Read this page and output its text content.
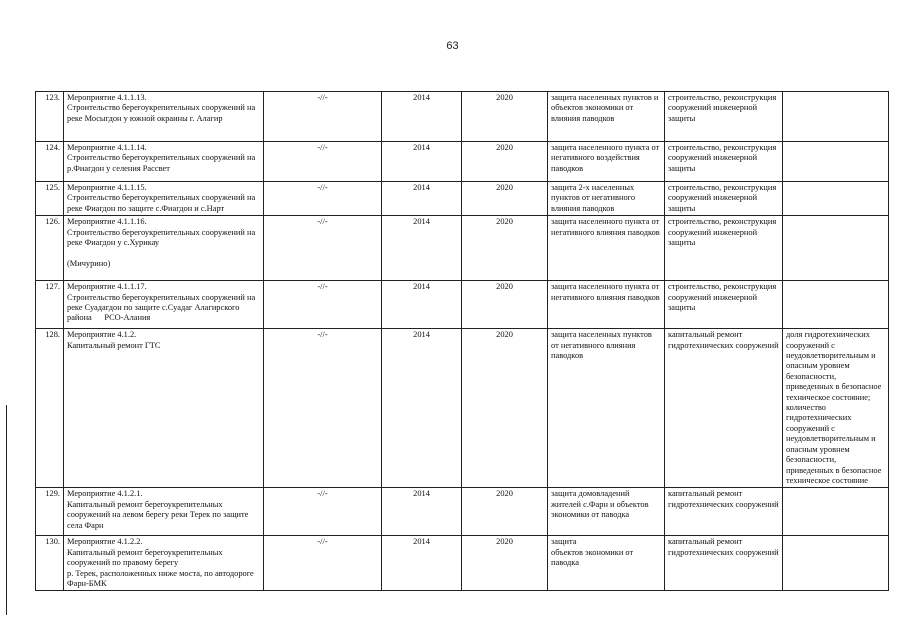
63
123.	Мероприятие 4.1.1.13.
Строительство берегоукрепительных сооружений на реке Мосыгдон у южной окраины г. Алагир	-//-	2014	2020	защита населенных пунктов и объектов экономики от влияния паводков	строительство, реконструкция сооружений инженерной защиты	

124.	Мероприятие 4.1.1.14.
Строительство берегоукрепительных сооружений на р.Фиагдон у селения Рассвет	-//-	2014	2020	защита населенного пункта от негативного воздействия паводков	строительство, реконструкция сооружений инженерной защиты	

125.	Мероприятие 4.1.1.15.
Строительство берегоукрепительных сооружений на реке Фиагдон по защите с.Фиагдон и с.Нарт	-//-	2014	2020	защита 2-х населенных пунктов от негативного влияния паводков	строительство, реконструкция сооружений инженерной защиты	

126.	Мероприятие 4.1.1.16.
Строительство берегоукрепительных сооружений на реке Фиагдон у с.Хурикау

(Мичурино)	-//-	2014	2020	защита населенного пункта от негативного влияния паводков	строительство, реконструкция сооружений инженерной защиты	

127.	Мероприятие 4.1.1.17.
Строительство берегоукрепительных сооружений на реке Суадагдон по защите с.Суадаг Алагирского района      РСО-Алания	-//-	2014	2020	защита населенного пункта от негативного влияния паводков	строительство, реконструкция сооружений инженерной защиты	

128.	Мероприятие 4.1.2.
Капитальный ремонт ГТС	-//-	2014	2020	защита населенных пунктов от негативного влияния паводков	капитальный ремонт гидротехнических сооружений	доля гидротехнических сооружений с неудовлетворительным и опасным уровнем безопасности, приведенных в безопасное техническое состояние; количество гидротехнических сооружений с неудовлетворительным и опасным уровнем безопасности, приведенных в безопасное техническое состояние

129.	Мероприятие 4.1.2.1.
Капитальный ремонт берегоукрепительных сооружений на левом берегу реки Терек по защите села Фарн	-//-	2014	2020	защита домовладений жителей с.Фарн и объектов экономики от паводка	капитальный ремонт гидротехнических сооружений	

130.	Мероприятие 4.1.2.2.
Капитальный ремонт берегоукрепительных сооружений по правому берегу
р. Терек, расположенных ниже моста, по автодороге Фарн-БМК	-//-	2014	2020	защита
объектов экономики от паводка	капитальный ремонт гидротехнических сооружений	
